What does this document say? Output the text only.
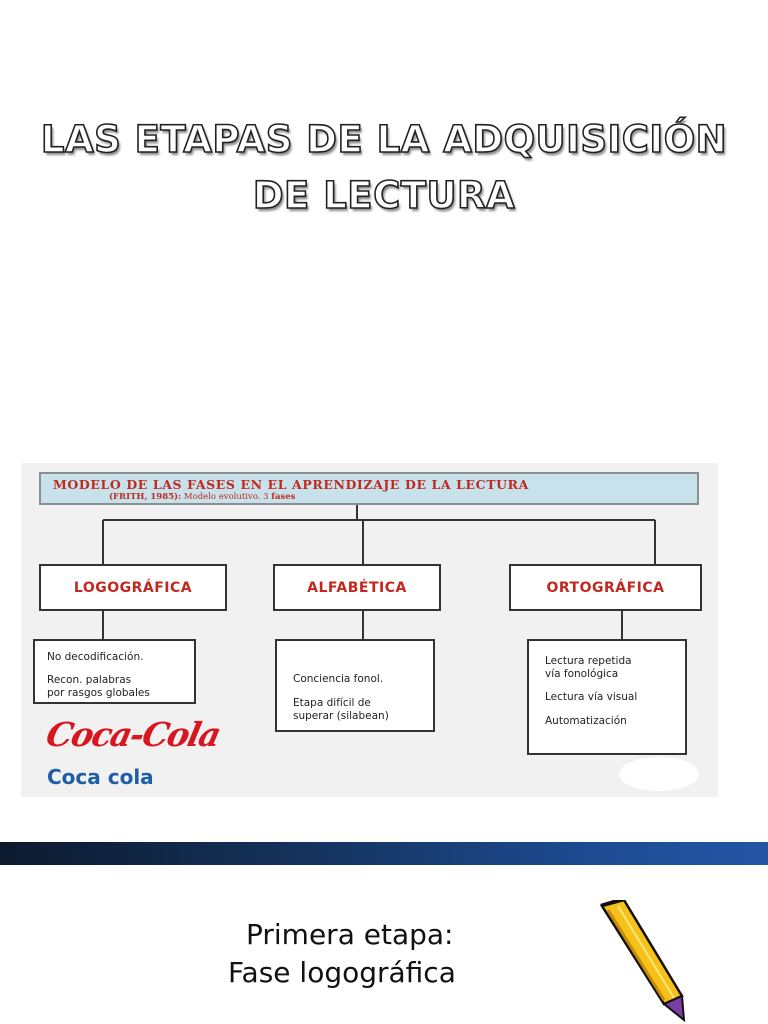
LAS ETAPAS DE LA ADQUISICIÓN
DE LECTURA
MODELO DE LAS FASES EN EL APRENDIZAJE DE LA LECTURA
(FRITH, 1985): Modelo evolutivo. 3 fases
LOGOGRÁFICA	ALFABÉTICA	ORTOGRÁFICA
No decodificación.
Recon. palabras
por rasgos globales
Conciencia fonol.
Etapa difícil de
superar (silabean)
Lectura repetida
vía fonológica
Lectura vía visual
Automatización
Coca-Cola
Coca cola
Primera etapa:
Fase logográfica
